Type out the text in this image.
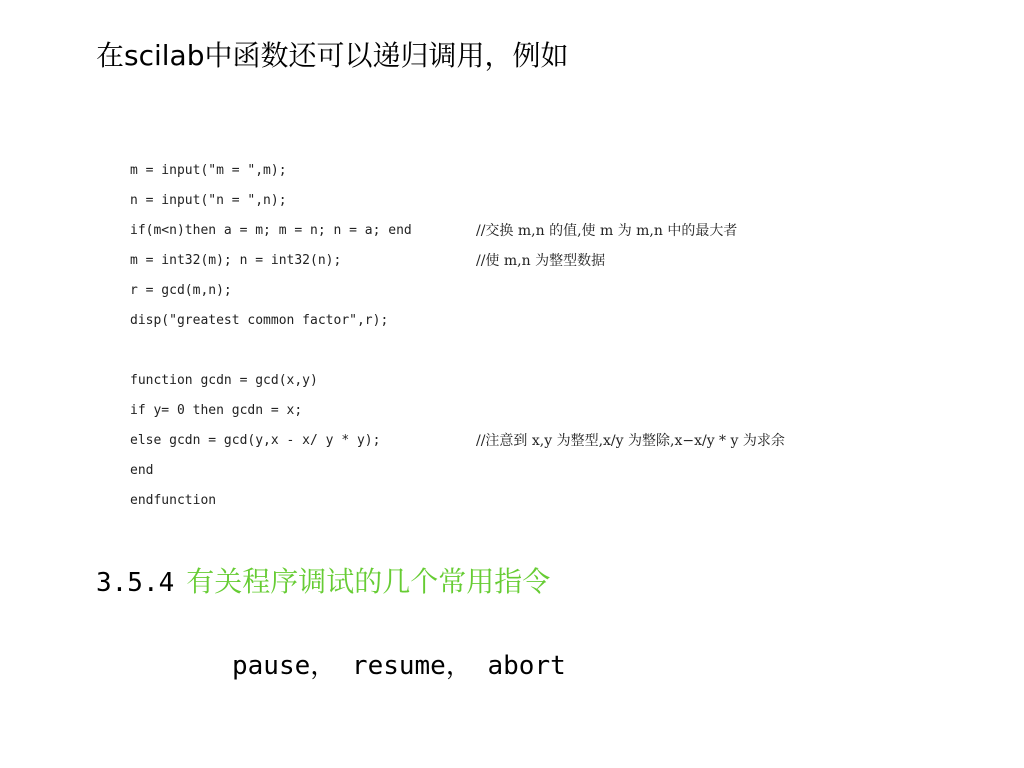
在scilab中函数还可以递归调用，例如
m = input("m = ",m);
n = input("n = ",n);
if(m<n)then a = m; m = n; n = a; end	//交换 m,n 的值,使 m 为 m,n 中的最大者
m = int32(m); n = int32(n);	//使 m,n 为整型数据
r = gcd(m,n);
disp("greatest common factor",r);
function gcdn = gcd(x,y)
if y= 0 then gcdn = x;
else gcdn = gcd(y,x - x/ y * y);	//注意到 x,y 为整型,x/y 为整除,x−x/y * y 为求余
end
endfunction
3.5.4 有关程序调试的几个常用指令
pause， resume， abort
